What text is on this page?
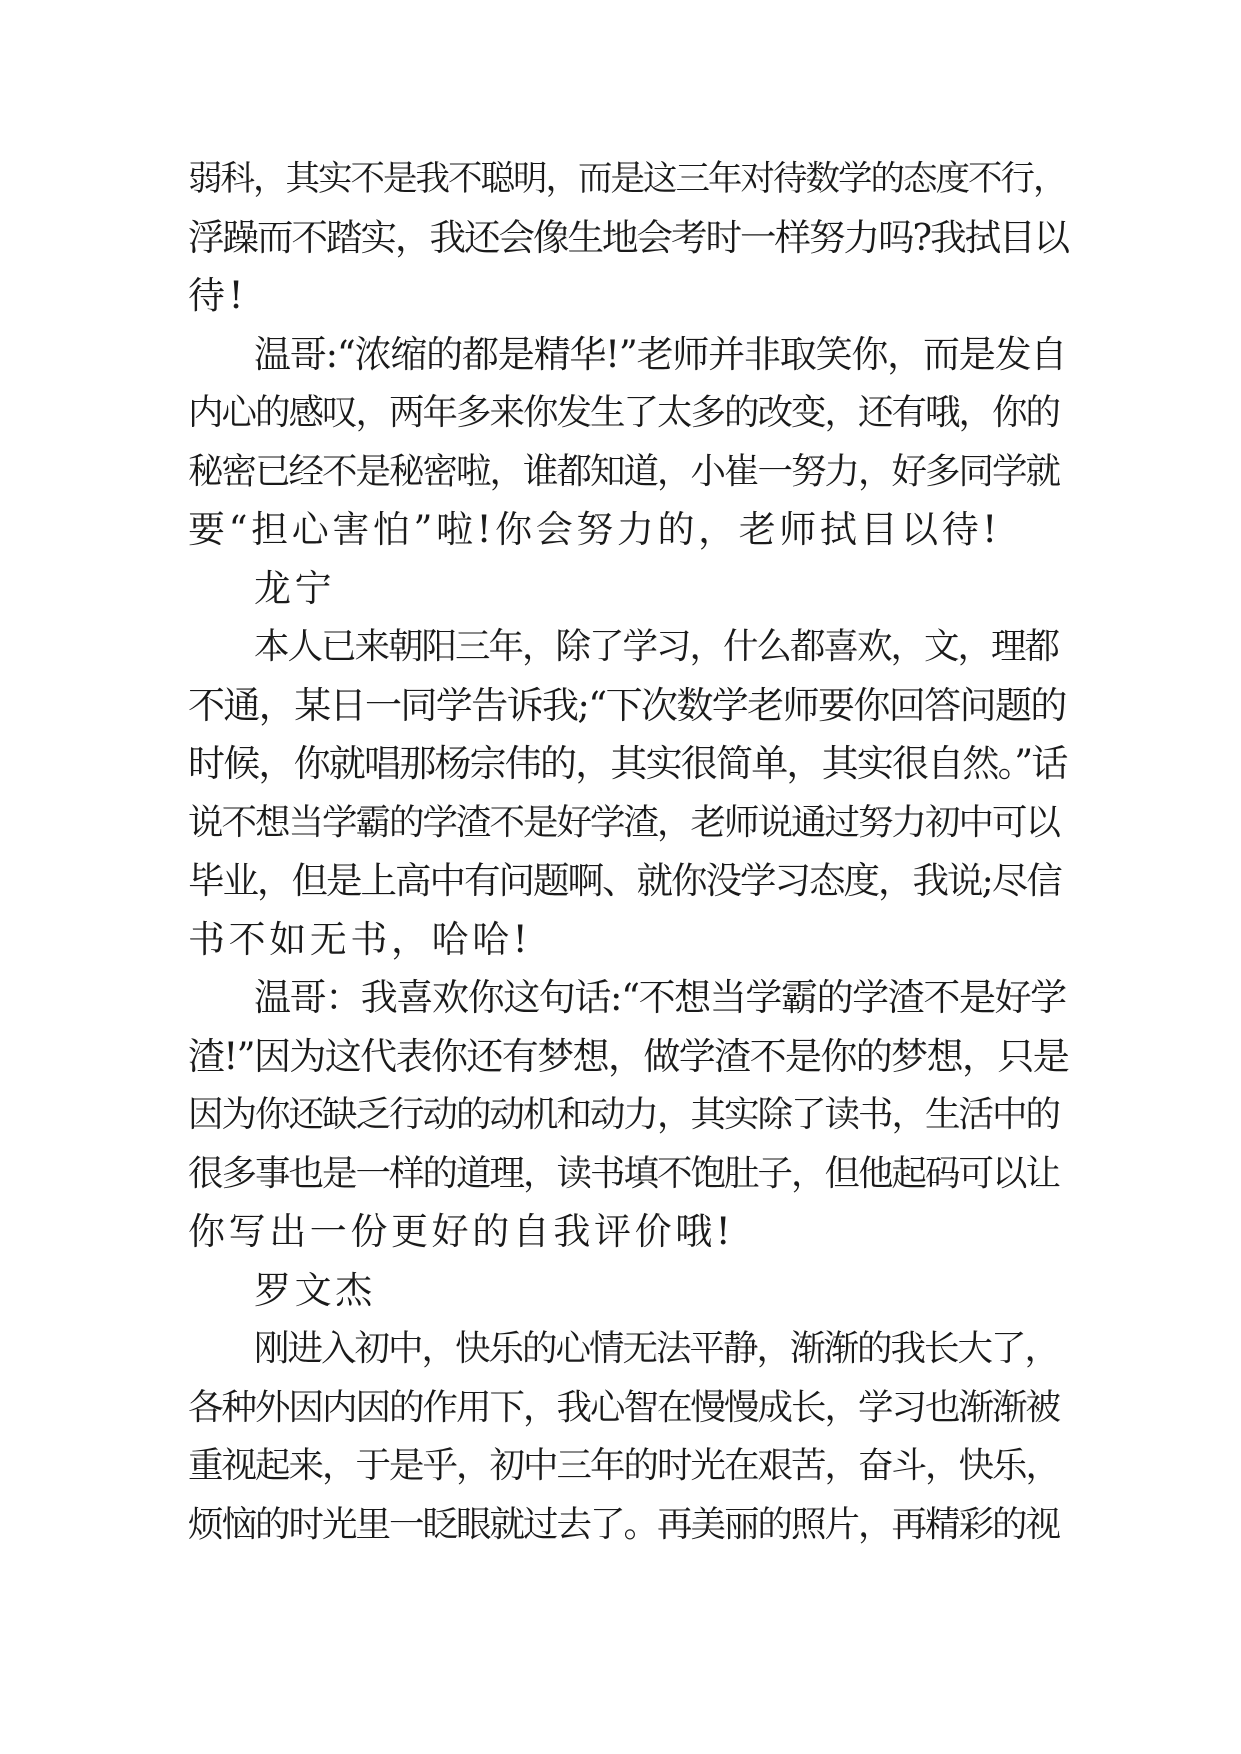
弱科，其实不是我不聪明，而是这三年对待数学的态度不行，
浮躁而不踏实，我还会像生地会考时一样努力吗?我拭目以
待!
温哥:“浓缩的都是精华!”老师并非取笑你，而是发自
内心的感叹，两年多来你发生了太多的改变，还有哦，你的
秘密已经不是秘密啦，谁都知道，小崔一努力，好多同学就
要“担心害怕”啦!你会努力的，老师拭目以待!
龙宁
本人已来朝阳三年，除了学习，什么都喜欢，文，理都
不通，某日一同学告诉我;“下次数学老师要你回答问题的
时候，你就唱那杨宗伟的，其实很简单，其实很自然。”话
说不想当学霸的学渣不是好学渣，老师说通过努力初中可以
毕业，但是上高中有问题啊、就你没学习态度，我说;尽信
书不如无书，哈哈!
温哥：我喜欢你这句话:“不想当学霸的学渣不是好学
渣!”因为这代表你还有梦想，做学渣不是你的梦想，只是
因为你还缺乏行动的动机和动力，其实除了读书，生活中的
很多事也是一样的道理，读书填不饱肚子，但他起码可以让
你写出一份更好的自我评价哦!
罗文杰
刚进入初中，快乐的心情无法平静，渐渐的我长大了，
各种外因内因的作用下，我心智在慢慢成长，学习也渐渐被
重视起来，于是乎，初中三年的时光在艰苦，奋斗，快乐，
烦恼的时光里一眨眼就过去了。再美丽的照片，再精彩的视
